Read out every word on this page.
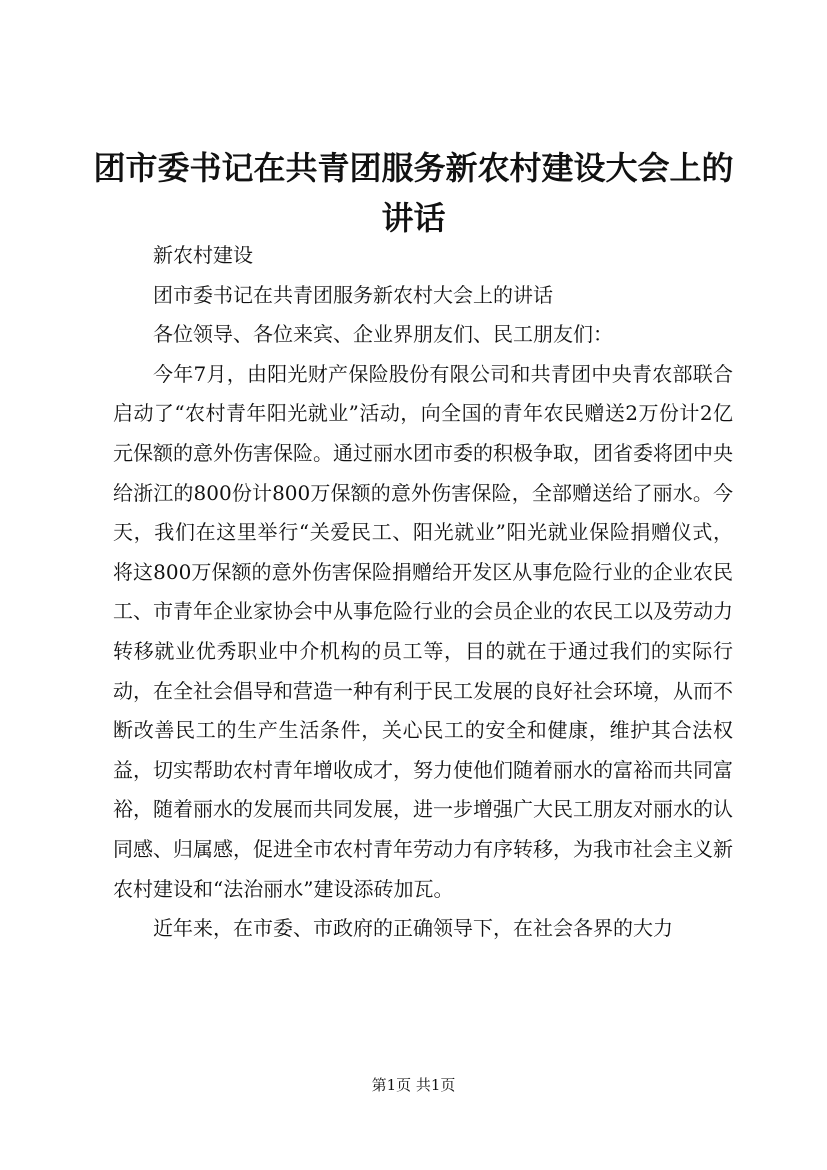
团市委书记在共青团服务新农村建设大会上的讲话

新农村建设

团市委书记在共青团服务新农村大会上的讲话

各位领导、各位来宾、企业界朋友们、民工朋友们：

今年7月，由阳光财产保险股份有限公司和共青团中央青农部联合启动了“农村青年阳光就业”活动，向全国的青年农民赠送2万份计2亿元保额的意外伤害保险。通过丽水团市委的积极争取，团省委将团中央给浙江的800份计800万保额的意外伤害保险，全部赠送给了丽水。今天，我们在这里举行“关爱民工、阳光就业”阳光就业保险捐赠仪式，将这800万保额的意外伤害保险捐赠给开发区从事危险行业的企业农民工、市青年企业家协会中从事危险行业的会员企业的农民工以及劳动力转移就业优秀职业中介机构的员工等，目的就在于通过我们的实际行动，在全社会倡导和营造一种有利于民工发展的良好社会环境，从而不断改善民工的生产生活条件，关心民工的安全和健康，维护其合法权益，切实帮助农村青年增收成才，努力使他们随着丽水的富裕而共同富裕，随着丽水的发展而共同发展，进一步增强广大民工朋友对丽水的认同感、归属感，促进全市农村青年劳动力有序转移，为我市社会主义新农村建设和“法治丽水”建设添砖加瓦。

近年来，在市委、市政府的正确领导下，在社会各界的大力

第1页 共1页
